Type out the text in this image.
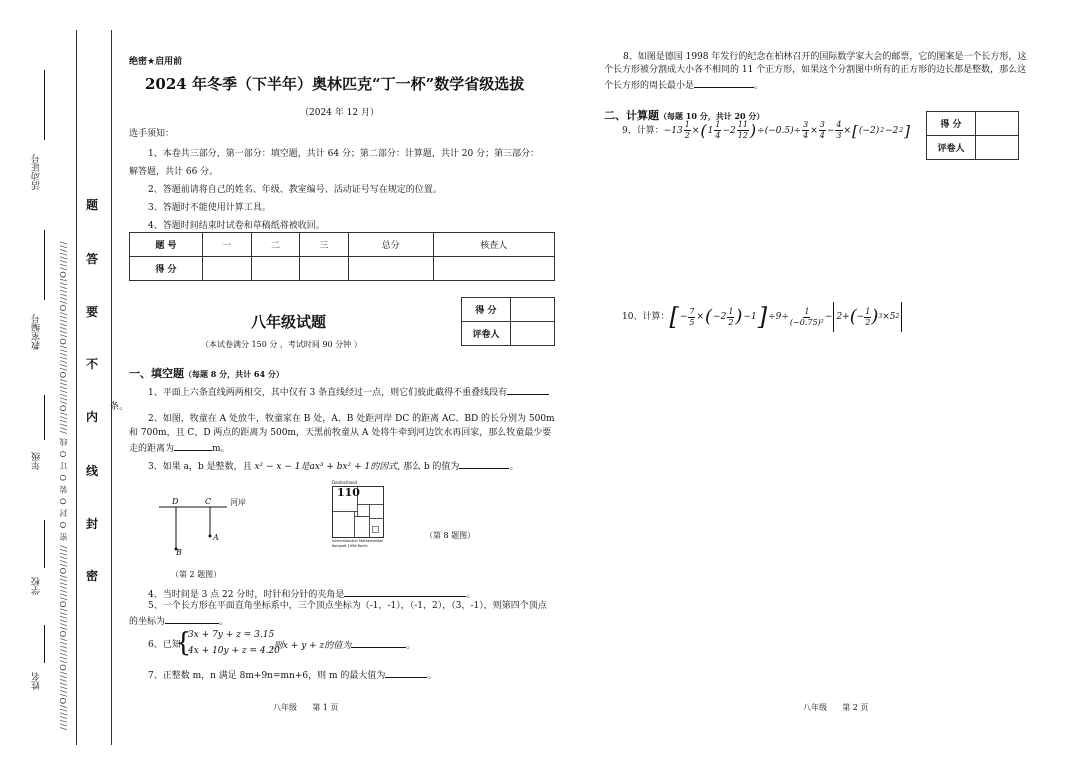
///////O///////O///////O//////O///////O////// 密 O 封 O 装 O 订 O 线 //////O///////O///////O///////O///////O////////
活动证号
教室编号
年级
学校
姓名
题
答
要
不
内
线
封
密
绝密★启用前
2024 年冬季（下半年）奥林匹克“丁一杯”数学省级选拔
（2024 年 12 月）
选手须知：
1、本卷共三部分，第一部分：填空题，共计 64 分；第二部分：计算题，共计 20 分；第三部分：
解答题，共计 66 分。
2、答题前请将自己的姓名、年级、教室编号、活动证号写在规定的位置。
3、答题时不能使用计算工具。
4、答题时间结束时试卷和草稿纸将被收回。
题 号	一	二	三	总分	核查人
得 分					
得 分	
评卷人	
八年级试题
（本试卷满分 150 分 ，考试时间 90 分钟 ）
一、填空题（每题 8 分，共计 64 分）
1、平面上六条直线两两相交，其中仅有 3 条直线经过一点，则它们彼此截得不重叠线段有
条。
2、如图，牧童在 A 处放牛，牧童家在 B 处，A、B 处距河岸 DC 的距离 AC、BD 的长分别为 500m 和 700m，且 C，D 两点的距离为 500m，天黑前牧童从 A 处将牛牵到河边饮水再回家，那么牧童最少要走的距离为	m。
3、如果 a，b 是整数，且 x² − x − 1是ax³ + bx² + 1的因式, 那么 b 的值为	。
D	C 河岸
A
B
（第 2 题图）
Deutschland
110
Internationaler Mathematiker
Kongreß 1998 Berlin
（第 8 题图）
4、当时间是 3 点 22 分时，时针和分针的夹角是	。
5、一个长方形在平面直角坐标系中，三个顶点坐标为（-1，-1），（-1，2），（3，-1），则第四个顶点的坐标为	。
6、已知
{
3x + 7y + z = 3.15
4x + 10y + z = 4.20
,则x + y + z的值为	。
7、正整数 m，n 满足 8m+9n=mn+6，则 m 的最大值为	。
八年级      第 1 页
8、如图是德国 1998 年发行的纪念在柏林召开的国际数学家大会的邮票，它的图案是一个长方形，这个长方形被分割成大小各不相同的 11 个正方形，如果这个分割图中所有的正方形的边长都是整数，那么这个长方形的周长最小是	。
二、计算题（每题 10 分，共计 20 分）
得 分	
评卷人	
9、计算： $-13 \frac{1}{2}$ × ( $1 \frac{1}{4} -2 \frac{11}{12}$ ) $\div(-0.5)\div \frac{3}{4} \times \frac{3}{4} - \frac{4}{3}$ × [ (−2) 2 −2 2 ]
10、计算： [ − $\frac{7}{5}$ × ( $-2 \frac{1}{2}$ ) −1 ] $\div 9\div \frac{1}{\text{(−0.75)²}} - 2+$ ( − $\frac{1}{2}$ ) 3 ×5 2
八年级      第 2 页
